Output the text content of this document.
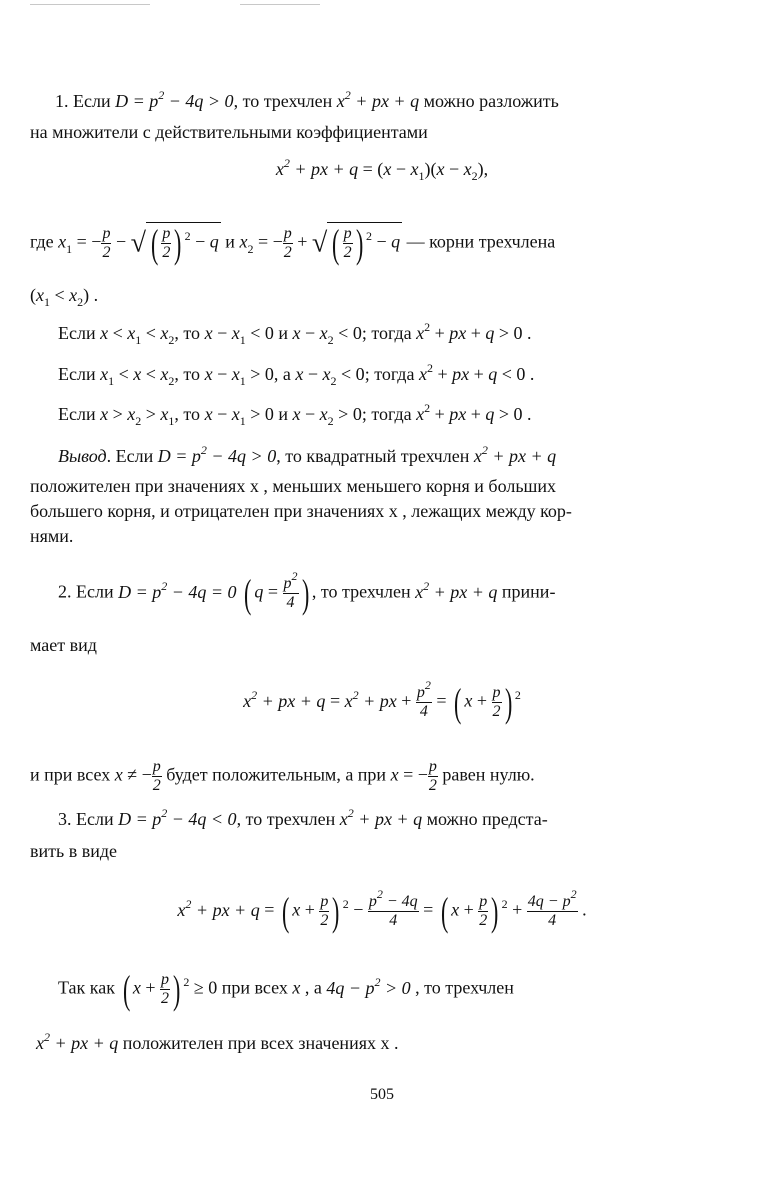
1. Если $D = p^2 - 4q > 0$, то трехчлен $x^2$ + px + q можно разложить
на множители с действительными коэффициентами
$x^2$ + px + $q = (x - x_1)(x - x_2)$,
где $x_1$ = − $\frac{p}{2}$ − √ ( $\frac{p}{2}$ ) $^2$ − q и $x_2$ = − $\frac{p}{2}$ + √ ( $\frac{p}{2}$ ) $^2$ − q — корни трехчлена
$(x_1 < x_2)$ .
Если $x < x_1 < x_2$, то $x - x_1 < 0$ и $x - x_2 < 0$; тогда $x^2$ + px + q > 0 .
Если $x_1 < x < x_2$, то $x - x_1 > 0$, а $x - x_2 < 0$; тогда $x^2$ + px + q < 0 .
Если $x > x_2 > x_1$, то $x - x_1 > 0$ и $x - x_2 > 0$; тогда $x^2$ + px + q > 0 .
Вывод. Если $D = p^2 - 4q > 0$, то квадратный трехчлен $x^2$ + px + q
положителен при значениях x , меньших меньшего корня и больших
большего корня, и отрицателен при значениях x , лежащих между кор-
нями.
2. Если $D = p^2 - 4q = 0$ ( $q = \frac{p^2}{4}$ ) , то трехчлен $x^2$ + px + q прини-
мает вид
$x^2$ + px + $q = x^2$ + px + $\frac{p^2}{4}$ = ( $x + \frac{p}{2}$ ) $^2$
и при всех x ≠ − $\frac{p}{2}$ будет положительным, а при x = − $\frac{p}{2}$ равен нулю.
3. Если $D = p^2 - 4q < 0$, то трехчлен $x^2$ + px + q можно предста-
вить в виде
$x^2$ + px + q = ( $x + \frac{p}{2}$ ) $^2 - \frac{p^2 - 4q}{4}$ = ( $x + \frac{p}{2}$ ) $^2 + \frac{4q - p^2}{4}$ .
Так как ( $x + \frac{p}{2}$ ) $^2$ ≥ 0 при всех x , а $4q - p^2 > 0$ , то трехчлен
$x^2$ + px + q положителен при всех значениях x .
505
